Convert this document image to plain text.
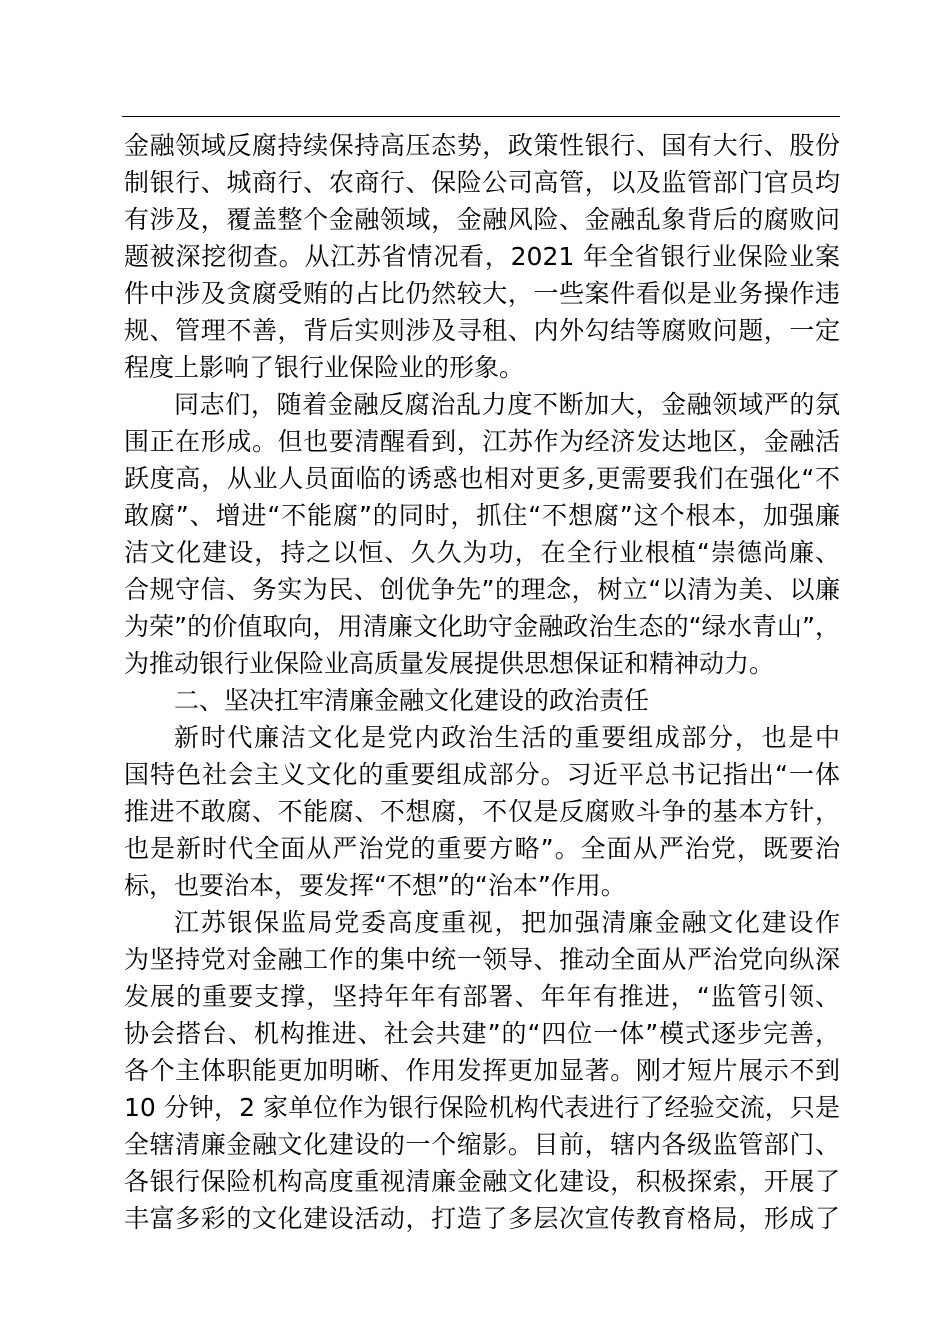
金融领域反腐持续保持高压态势，政策性银行、国有大行、股份
制银行、城商行、农商行、保险公司高管，以及监管部门官员均
有涉及，覆盖整个金融领域，金融风险、金融乱象背后的腐败问
题被深挖彻查。从江苏省情况看，2021 年全省银行业保险业案
件中涉及贪腐受贿的占比仍然较大，一些案件看似是业务操作违
规、管理不善，背后实则涉及寻租、内外勾结等腐败问题，一定
程度上影响了银行业保险业的形象。

同志们，随着金融反腐治乱力度不断加大，金融领域严的氛
围正在形成。但也要清醒看到，江苏作为经济发达地区，金融活
跃度高，从业人员面临的诱惑也相对更多,更需要我们在强化“不
敢腐”、增进“不能腐”的同时，抓住“不想腐”这个根本，加强廉
洁文化建设，持之以恒、久久为功，在全行业根植“崇德尚廉、
合规守信、务实为民、创优争先”的理念，树立“以清为美、以廉
为荣”的价值取向，用清廉文化助守金融政治生态的“绿水青山”，
为推动银行业保险业高质量发展提供思想保证和精神动力。

二、坚决扛牢清廉金融文化建设的政治责任

新时代廉洁文化是党内政治生活的重要组成部分，也是中
国特色社会主义文化的重要组成部分。习近平总书记指出“一体
推进不敢腐、不能腐、不想腐，不仅是反腐败斗争的基本方针，
也是新时代全面从严治党的重要方略”。全面从严治党，既要治
标，也要治本，要发挥“不想”的“治本”作用。

江苏银保监局党委高度重视，把加强清廉金融文化建设作
为坚持党对金融工作的集中统一领导、推动全面从严治党向纵深
发展的重要支撑，坚持年年有部署、年年有推进，“监管引领、
协会搭台、机构推进、社会共建”的“四位一体”模式逐步完善，
各个主体职能更加明晰、作用发挥更加显著。刚才短片展示不到
10 分钟，2 家单位作为银行保险机构代表进行了经验交流，只是
全辖清廉金融文化建设的一个缩影。目前，辖内各级监管部门、
各银行保险机构高度重视清廉金融文化建设，积极探索，开展了
丰富多彩的文化建设活动，打造了多层次宣传教育格局，形成了
